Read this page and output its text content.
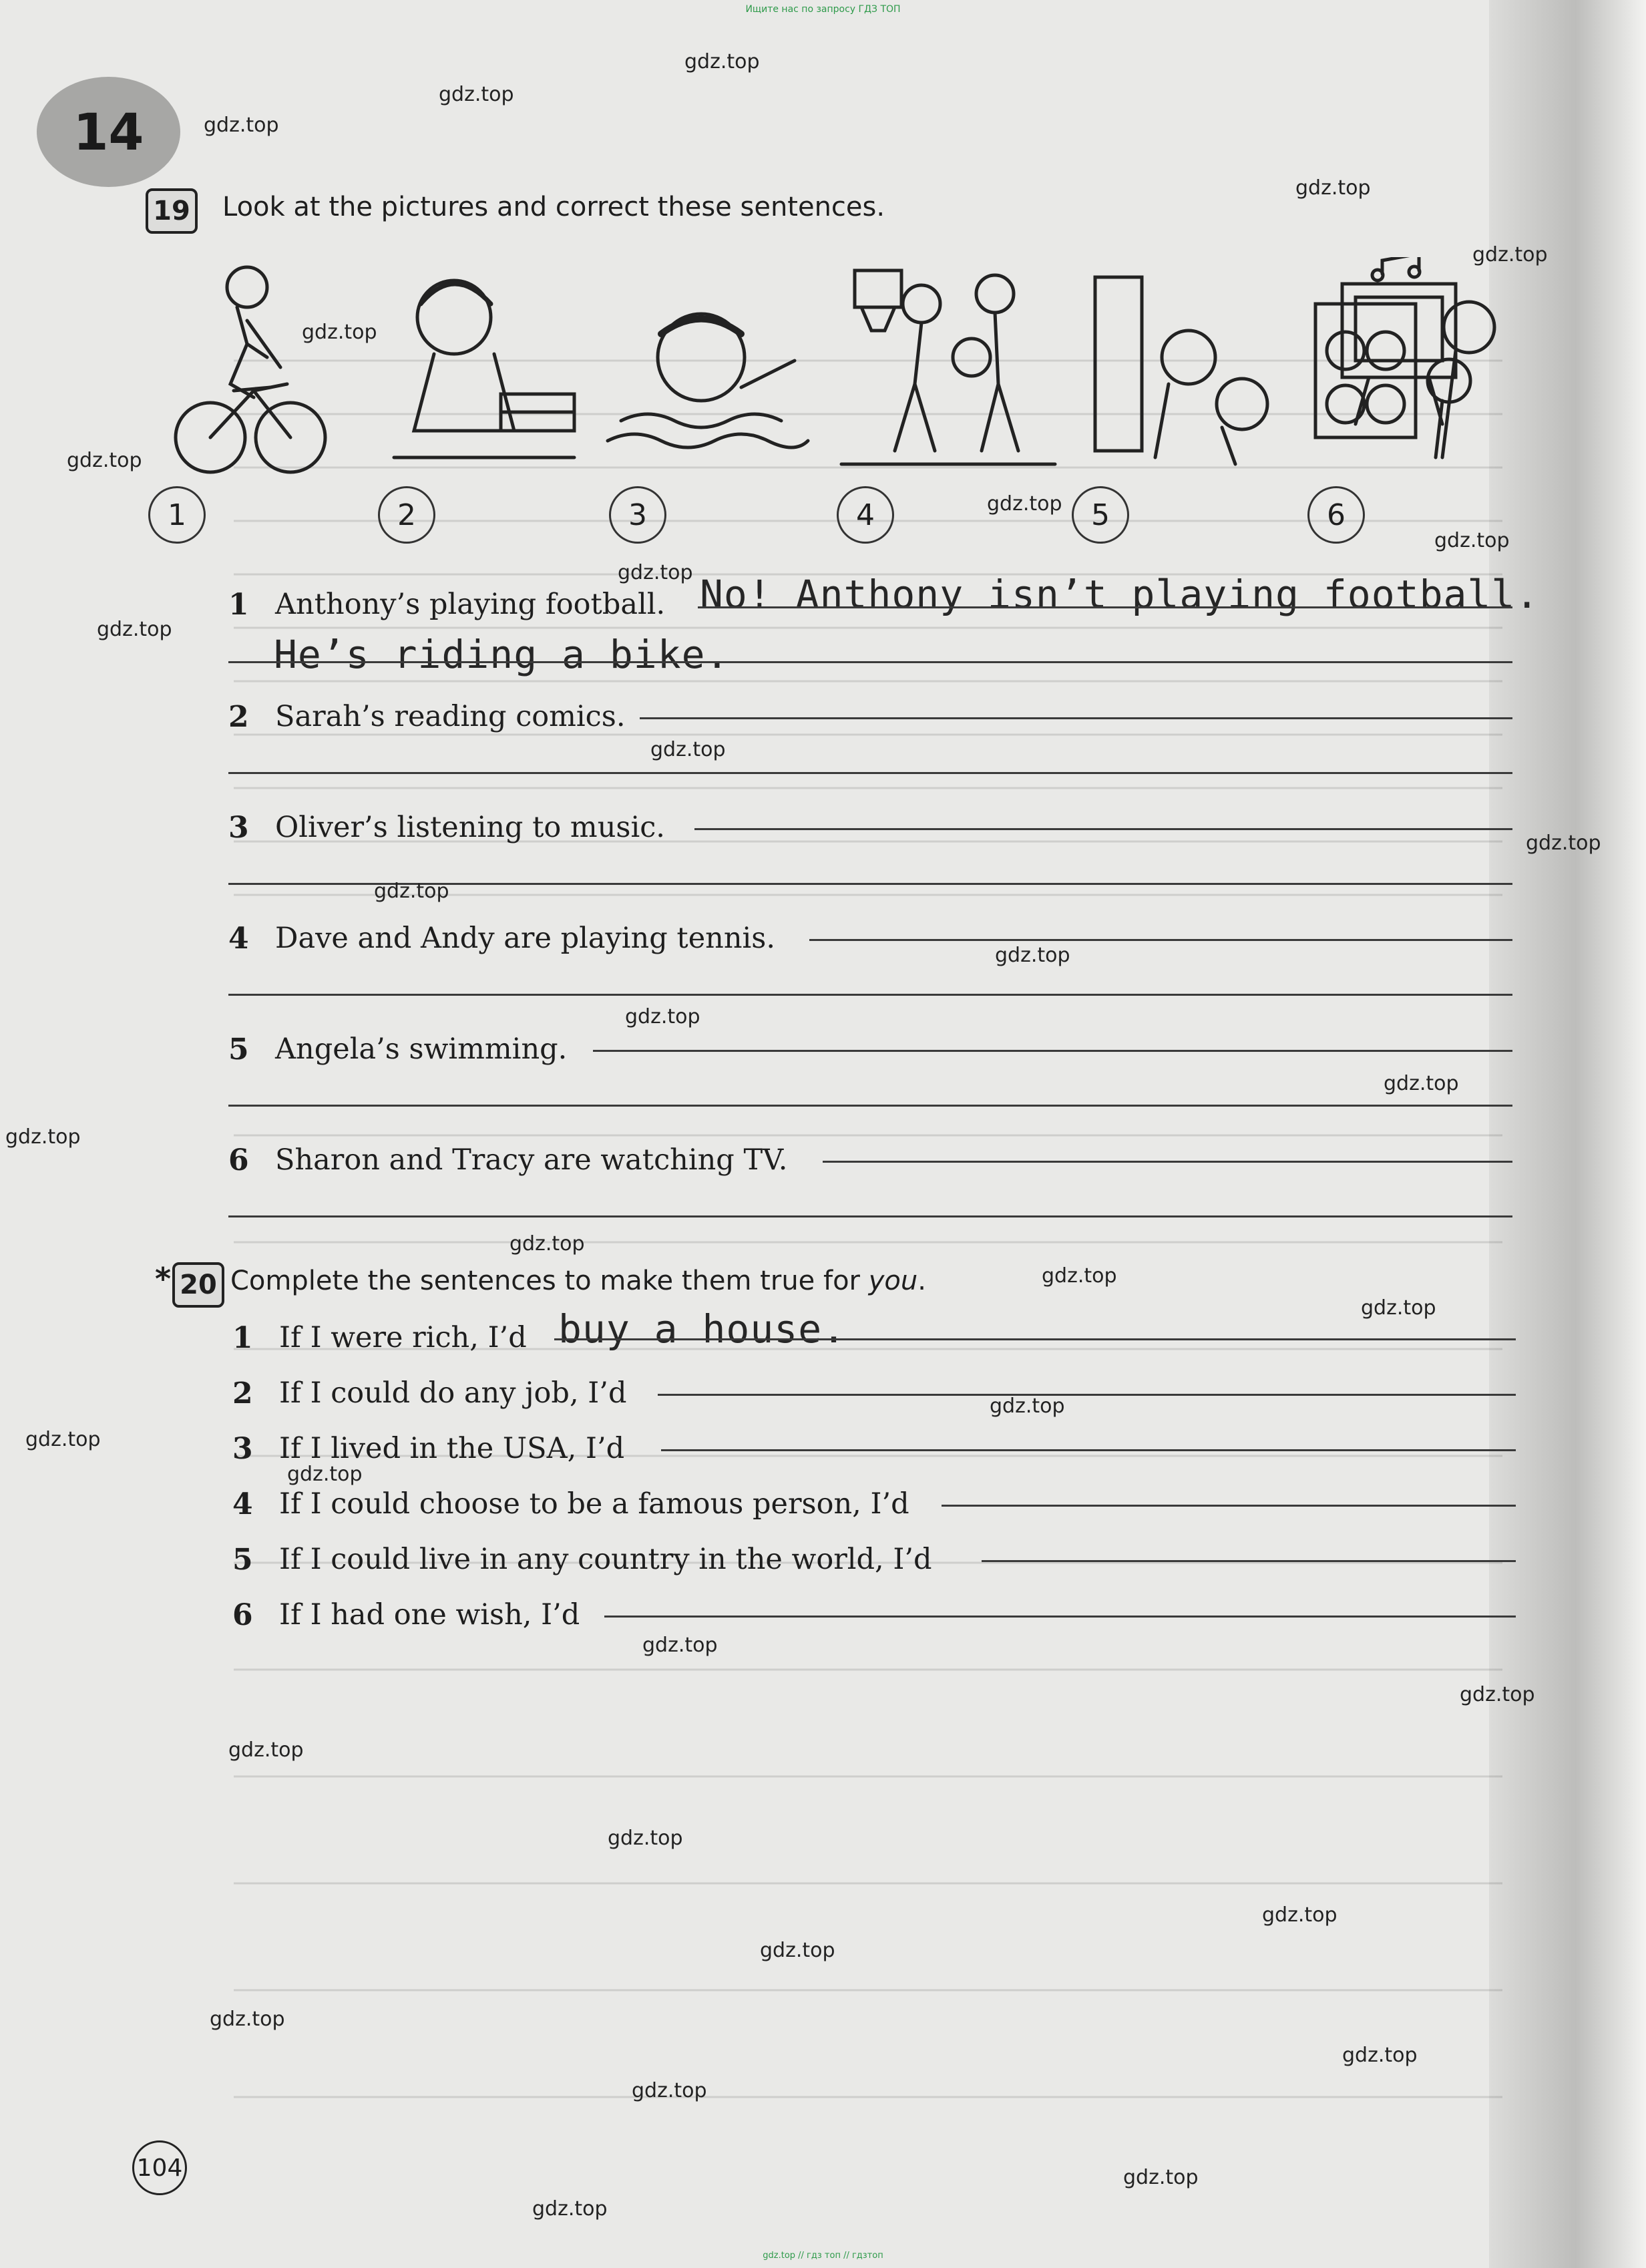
Ищите нас по запросу ГДЗ ТОП
14
19 Look at the pictures and correct these sentences.
1	2	3	4	5	6
1 Anthony’s playing football. No! Anthony isn’t playing football.
He’s riding a bike.
2 Sarah’s reading comics.
3 Oliver’s listening to music.
4 Dave and Andy are playing tennis.
5 Angela’s swimming.
6 Sharon and Tracy are watching TV.
* 20 Complete the sentences to make them true for you.
1 If I were rich, I’d buy a house.
2 If I could do any job, I’d
3 If I lived in the USA, I’d
4 If I could choose to be a famous person, I’d
5 If I could live in any country in the world, I’d
6 If I had one wish, I’d
104
gdz.top
gdz.top
gdz.top
gdz.top
gdz.top
gdz.top
gdz.top
gdz.top
gdz.top
gdz.top
gdz.top
gdz.top
gdz.top
gdz.top
gdz.top
gdz.top
gdz.top
gdz.top
gdz.top
gdz.top
gdz.top
gdz.top
gdz.top
gdz.top
gdz.top
gdz.top
gdz.top
gdz.top
gdz.top
gdz.top
gdz.top
gdz.top
gdz.top
gdz.top
gdz.top
gdz.top // гдз топ // гдзтоп
